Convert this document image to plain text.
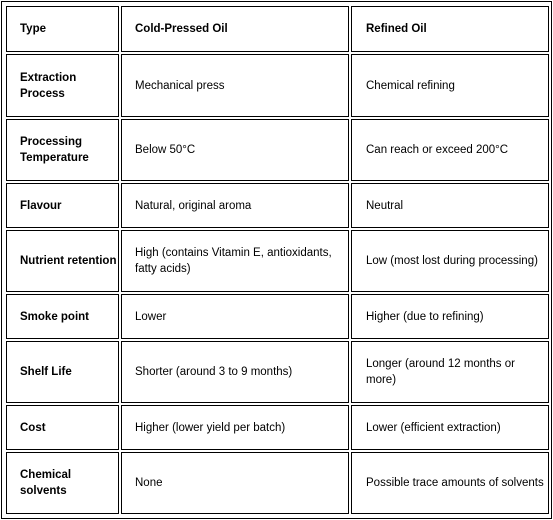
Type	Cold-Pressed Oil	Refined Oil
Extraction Process	Mechanical press	Chemical refining
Processing Temperature	Below 50°C	Can reach or exceed 200°C
Flavour	Natural, original aroma	Neutral
Nutrient retention	High (contains Vitamin E, antioxidants, fatty acids)	Low (most lost during processing)
Smoke point	Lower	Higher (due to refining)
Shelf Life	Shorter (around 3 to 9 months)	Longer (around 12 months or more)
Cost	Higher (lower yield per batch)	Lower (efficient extraction)
Chemical solvents	None	Possible trace amounts of solvents
